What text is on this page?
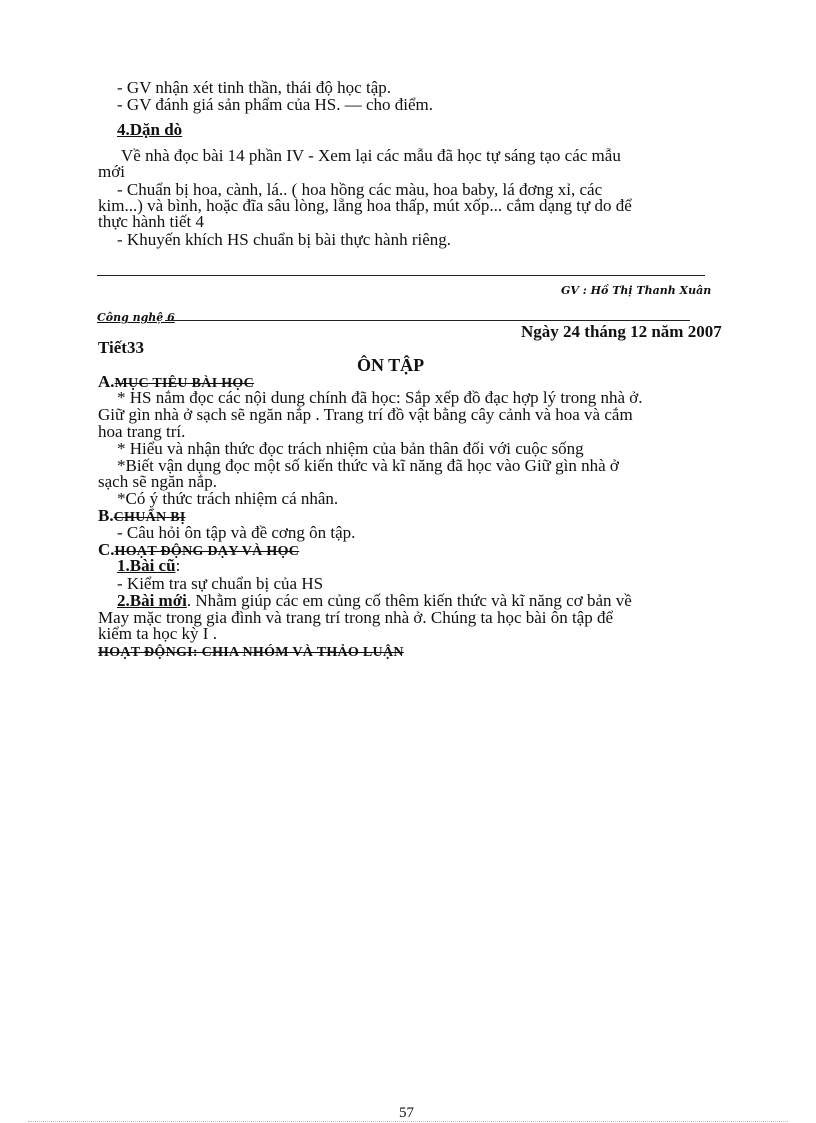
- GV nhận xét tinh thần, thái độ học tập.
- GV đánh giá sản phẩm của HS. — cho điểm.
4.Dặn dò
Về nhà đọc bài 14 phần IV - Xem lại các mẫu đã học tự sáng tạo các mẫu
mới
- Chuẩn bị hoa, cành, lá.. ( hoa hồng các màu, hoa baby, lá đơng xỉ, các
kim...) và bình, hoặc đĩa sâu lòng, lẵng hoa thấp, mút xốp... cắm dạng tự do để
thực hành tiết 4
- Khuyến khích HS chuẩn bị bài thực hành riêng.
GV : Hồ Thị Thanh Xuân
Công nghệ 6
Ngày 24 tháng 12 năm 2007
Tiết33
ÔN TẬP
A.MỤC TIÊU BÀI HỌC
* HS nắm đọc các nội dung chính đã học: Sắp xếp đồ đạc hợp lý trong nhà ở.
Giữ gìn nhà ở sạch sẽ ngăn nắp . Trang trí đồ vật bằng cây cảnh và hoa và cắm
hoa trang trí.
* Hiểu và nhận thức đọc trách nhiệm của bản thân đối với cuộc sống
*Biết vận dụng đọc một số kiến thức và kĩ năng đã học vào Giữ gìn nhà ở
sạch sẽ ngăn nắp.
*Có ý thức trách nhiệm cá nhân.
B.CHUẨN BỊ
- Câu hỏi ôn tập và đề cơng ôn tập.
C.HOẠT ĐỘNG DẠY VÀ HỌC
1.Bài cũ:
- Kiểm tra sự chuẩn bị của HS
2.Bài mới. Nhằm giúp các em củng cố thêm kiến thức và kĩ năng cơ bản về
May mặc trong gia đình và trang trí trong nhà ở. Chúng ta học bài ôn tập để
kiểm ta học kỳ I .
HOẠT ĐỘNGI: CHIA NHÓM VÀ THẢO LUẬN
57
